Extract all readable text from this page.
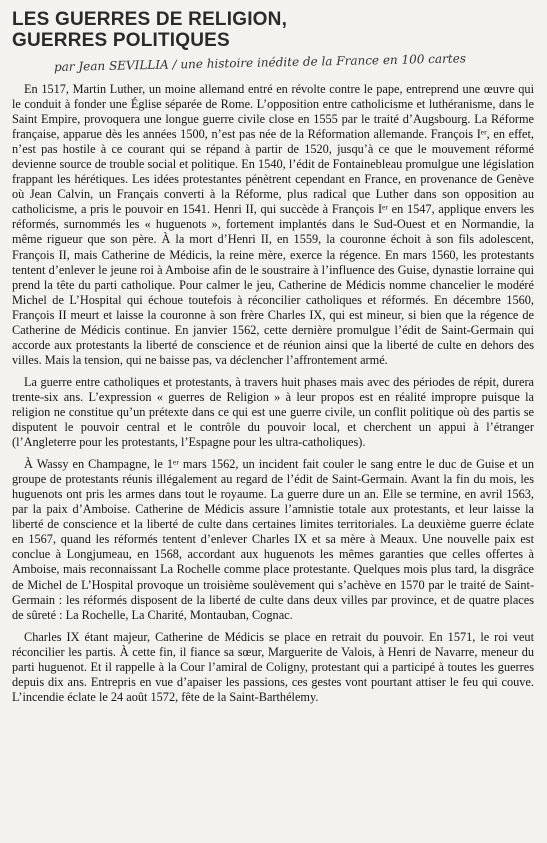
LES GUERRES DE RELIGION,
GUERRES POLITIQUES
par Jean SEVILLIA / une histoire inédite de la France en 100 cartes

En 1517, Martin Luther, un moine allemand entré en révolte contre le pape, entreprend une œuvre qui le conduit à fonder une Église séparée de Rome. L’opposition entre catholicisme et luthéranisme, dans le Saint Empire, provoquera une longue guerre civile close en 1555 par le traité d’Augsbourg. La Réforme française, apparue dès les années 1500, n’est pas née de la Réformation allemande. François Iᵉʳ, en effet, n’est pas hostile à ce courant qui se répand à partir de 1520, jusqu’à ce que le mouvement réformé devienne source de trouble social et politique. En 1540, l’édit de Fontainebleau promulgue une législation frappant les hérétiques. Les idées protestantes pénètrent cependant en France, en provenance de Genève où Jean Calvin, un Français converti à la Réforme, plus radical que Luther dans son opposition au catholicisme, a pris le pouvoir en 1541. Henri II, qui succède à François Iᵉʳ en 1547, applique envers les réformés, surnommés les « huguenots », fortement implantés dans le Sud-Ouest et en Normandie, la même rigueur que son père. À la mort d’Henri II, en 1559, la couronne échoit à son fils adolescent, François II, mais Catherine de Médicis, la reine mère, exerce la régence. En mars 1560, les protestants tentent d’enlever le jeune roi à Amboise afin de le soustraire à l’influence des Guise, dynastie lorraine qui prend la tête du parti catholique. Pour calmer le jeu, Catherine de Médicis nomme chancelier le modéré Michel de L’Hospital qui échoue toutefois à réconcilier catholiques et réformés. En décembre 1560, François II meurt et laisse la couronne à son frère Charles IX, qui est mineur, si bien que la régence de Catherine de Médicis continue. En janvier 1562, cette dernière promulgue l’édit de Saint-Germain qui accorde aux protestants la liberté de conscience et de réunion ainsi que la liberté de culte en dehors des villes. Mais la tension, qui ne baisse pas, va déclencher l’affrontement armé.

La guerre entre catholiques et protestants, à travers huit phases mais avec des périodes de répit, durera trente-six ans. L’expression « guerres de Religion » à leur propos est en réalité impropre puisque la religion ne constitue qu’un prétexte dans ce qui est une guerre civile, un conflit politique où des partis se disputent le pouvoir central et le contrôle du pouvoir local, et cherchent un appui à l’étranger (l’Angleterre pour les protestants, l’Espagne pour les ultra-catholiques).

À Wassy en Champagne, le 1ᵉʳ mars 1562, un incident fait couler le sang entre le duc de Guise et un groupe de protestants réunis illégalement au regard de l’édit de Saint-Germain. Avant la fin du mois, les huguenots ont pris les armes dans tout le royaume. La guerre dure un an. Elle se termine, en avril 1563, par la paix d’Amboise. Catherine de Médicis assure l’amnistie totale aux protestants, et leur laisse la liberté de conscience et la liberté de culte dans certaines limites territoriales. La deuxième guerre éclate en 1567, quand les réformés tentent d’enlever Charles IX et sa mère à Meaux. Une nouvelle paix est conclue à Longjumeau, en 1568, accordant aux huguenots les mêmes garanties que celles offertes à Amboise, mais reconnaissant La Rochelle comme place protestante. Quelques mois plus tard, la disgrâce de Michel de L’Hospital provoque un troisième soulèvement qui s’achève en 1570 par le traité de Saint-Germain : les réformés disposent de la liberté de culte dans deux villes par province, et de quatre places de sûreté : La Rochelle, La Charité, Montauban, Cognac.

Charles IX étant majeur, Catherine de Médicis se place en retrait du pouvoir. En 1571, le roi veut réconcilier les partis. À cette fin, il fiance sa sœur, Marguerite de Valois, à Henri de Navarre, meneur du parti huguenot. Et il rappelle à la Cour l’amiral de Coligny, protestant qui a participé à toutes les guerres depuis dix ans. Entrepris en vue d’apaiser les passions, ces gestes vont pourtant attiser le feu qui couve. L’incendie éclate le 24 août 1572, fête de la Saint-Barthélemy.
